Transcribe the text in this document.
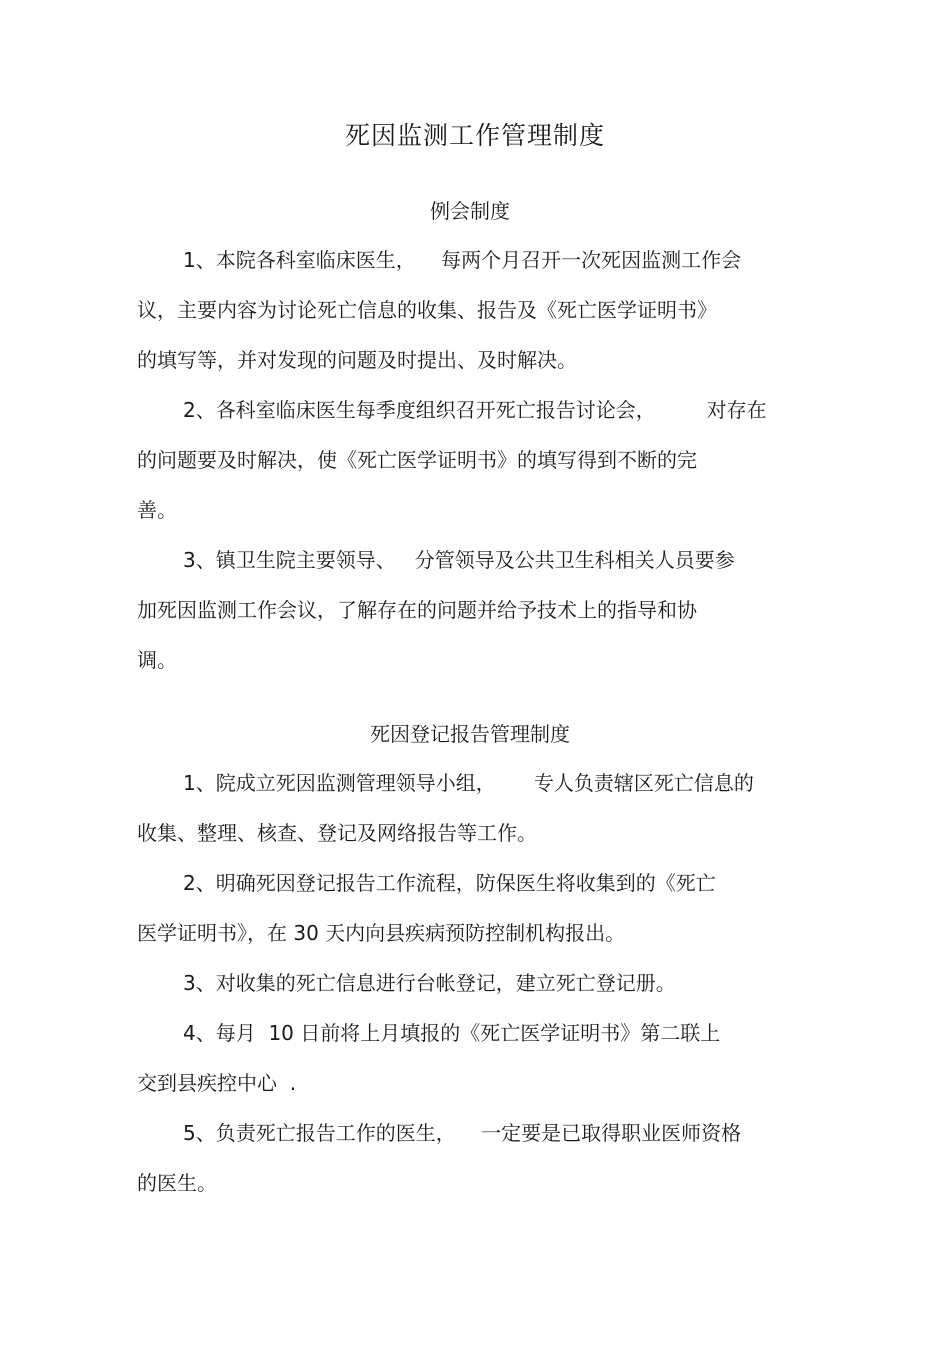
死因监测工作管理制度
例会制度
1、本院各科室临床医生，    每两个月召开一次死因监测工作会
议，主要内容为讨论死亡信息的收集、报告及《死亡医学证明书》
的填写等，并对发现的问题及时提出、及时解决。
2、各科室临床医生每季度组织召开死亡报告讨论会，        对存在
的问题要及时解决，使《死亡医学证明书》的填写得到不断的完
善。
3、镇卫生院主要领导、   分管领导及公共卫生科相关人员要参
加死因监测工作会议，了解存在的问题并给予技术上的指导和协
调。
死因登记报告管理制度
1、院成立死因监测管理领导小组，      专人负责辖区死亡信息的
收集、整理、核查、登记及网络报告等工作。
2、明确死因登记报告工作流程，防保医生将收集到的《死亡
医学证明书》，在 30 天内向县疾病预防控制机构报出。
3、对收集的死亡信息进行台帐登记，建立死亡登记册。
4、每月  10 日前将上月填报的《死亡医学证明书》第二联上
交到县疾控中心  .
5、负责死亡报告工作的医生，    一定要是已取得职业医师资格
的医生。
